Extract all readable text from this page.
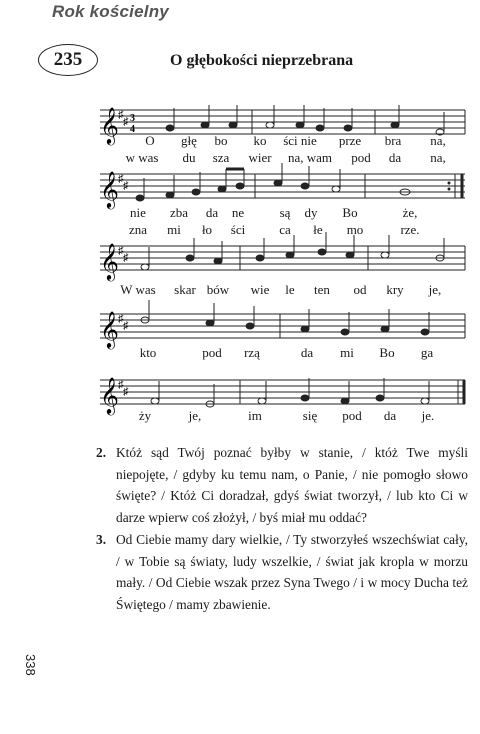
Rok kościelny
235	O głębokości nieprzebrana
𝄞 ♯
♯ 3
4
O głę bo ko ści nie prze bra na,
w was du sza wier na, wam pod da na,
𝄞 ♯
♯
nie zba da ne	są dy Bo	że,
zna mi ło ści	ca łe mo	rze.
𝄞 ♯
♯
W was skar bów wie le ten od kry je,
𝄞 ♯
♯
kto	pod rzą	da mi Bo ga
𝄞 ♯
♯
ży	je,	im	się pod da je.
2. Któż sąd Twój poznać byłby w stanie, / któż Twe myśli niepojęte, / gdyby ku temu nam, o Panie, / nie pomogło słowo święte? / Któż Ci doradzał, gdyś świat tworzył, / lub kto Ci w darze wpierw coś złożył, / byś miał mu oddać?
3. Od Ciebie mamy dary wielkie, / Ty stworzyłeś wszechświat cały, / w Tobie są światy, ludy wszelkie, / świat jak kropla w morzu mały. / Od Ciebie wszak przez Syna Twego / i w mocy Ducha też Świętego / mamy zbawienie.
338
